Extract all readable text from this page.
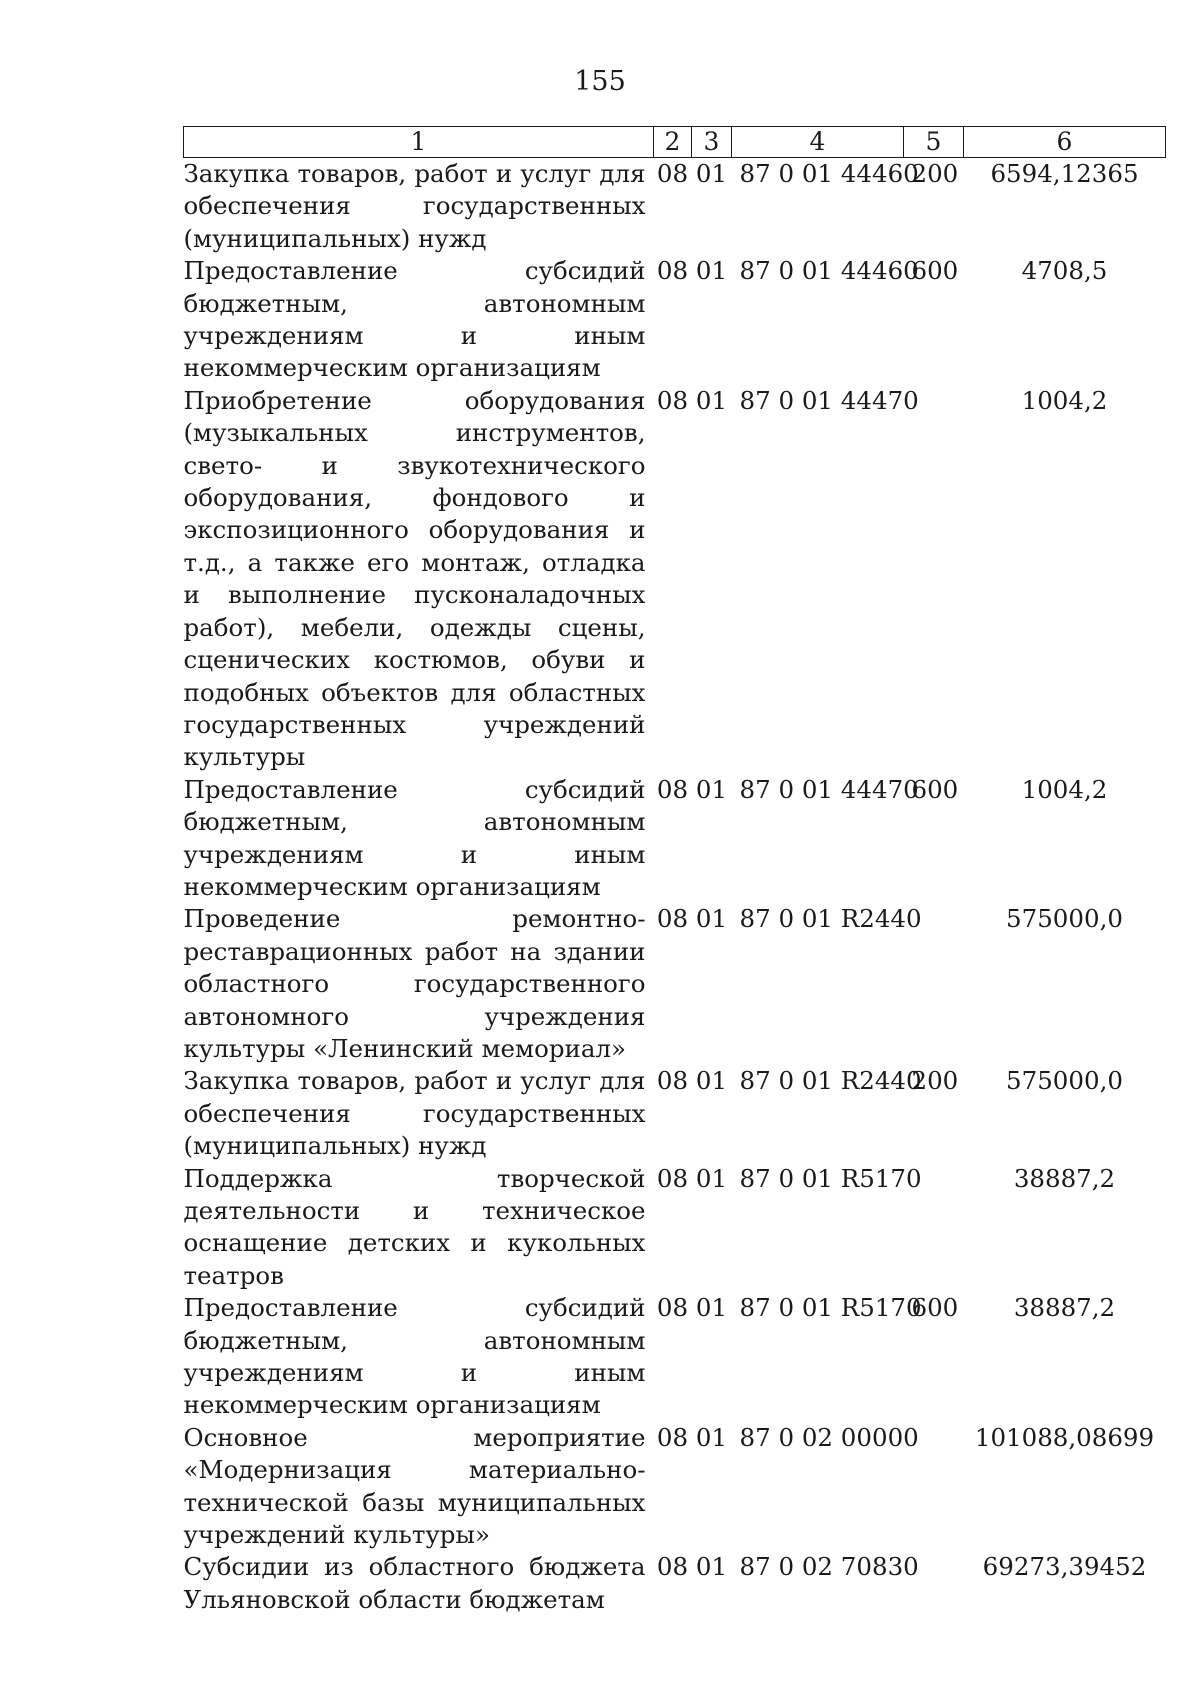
155
1	2	3	4	5	6
Закупка товаров, работ и услуг для обеспечения государственных (муниципальных) нужд	08	01	87 0 01 44460	200	6594,12365
Предоставление субсидий бюджетным, автономным учреждениям и иным некоммерческим организациям	08	01	87 0 01 44460	600	4708,5
Приобретение оборудования (музыкальных инструментов, свето- и звукотехнического оборудования, фондового и экспозиционного оборудования и т.д., а также его монтаж, отладка и выполнение пусконаладочных работ), мебели, одежды сцены, сценических костюмов, обуви и подобных объектов для областных государственных учреждений культуры	08	01	87 0 01 44470		1004,2
Предоставление субсидий бюджетным, автономным учреждениям и иным некоммерческим организациям	08	01	87 0 01 44470	600	1004,2
Проведение ремонтно-реставрационных работ на здании областного государственного автономного учреждения культуры «Ленинский мемориал»	08	01	87 0 01 R2440		575000,0
Закупка товаров, работ и услуг для обеспечения государственных (муниципальных) нужд	08	01	87 0 01 R2440	200	575000,0
Поддержка творческой деятельности и техническое оснащение детских и кукольных театров	08	01	87 0 01 R5170		38887,2
Предоставление субсидий бюджетным, автономным учреждениям и иным некоммерческим организациям	08	01	87 0 01 R5170	600	38887,2
Основное мероприятие «Модернизация материально-технической базы муниципальных учреждений культуры»	08	01	87 0 02 00000		101088,08699
Субсидии из областного бюджета Ульяновской области бюджетам	08	01	87 0 02 70830		69273,39452
